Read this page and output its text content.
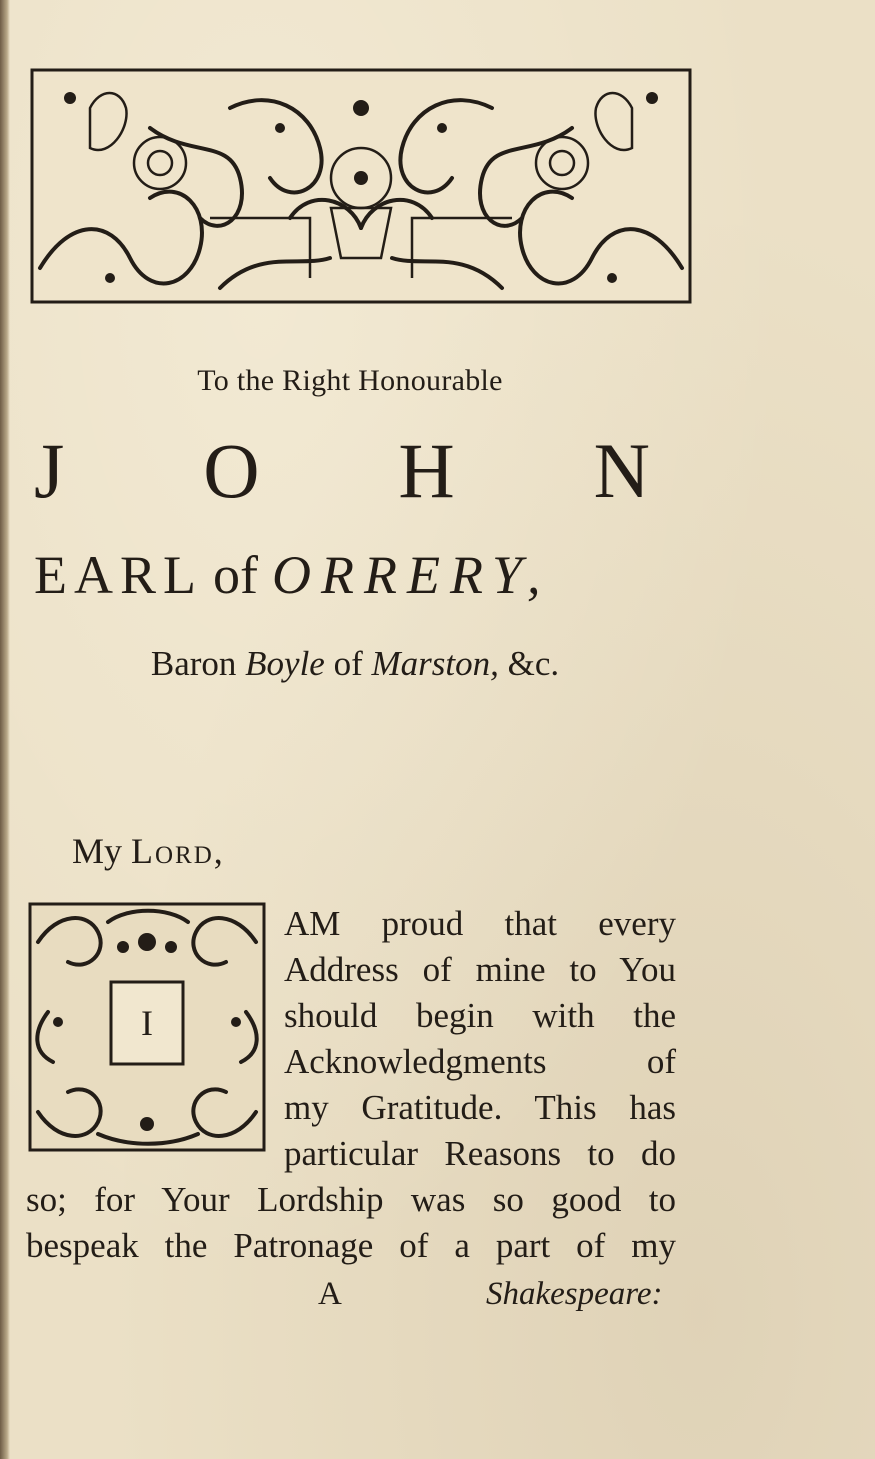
To the Right Honourable
J O H N
EARL of ORRERY,
Baron Boyle of Marston, &c.
My Lord,
I
AM proud that every
Address of mine to You
should begin with the
Acknowledgments of
my Gratitude. This has
particular Reasons to do
so; for Your Lordship was so good to
bespeak the Patronage of a part of my
A	Shakespeare:
